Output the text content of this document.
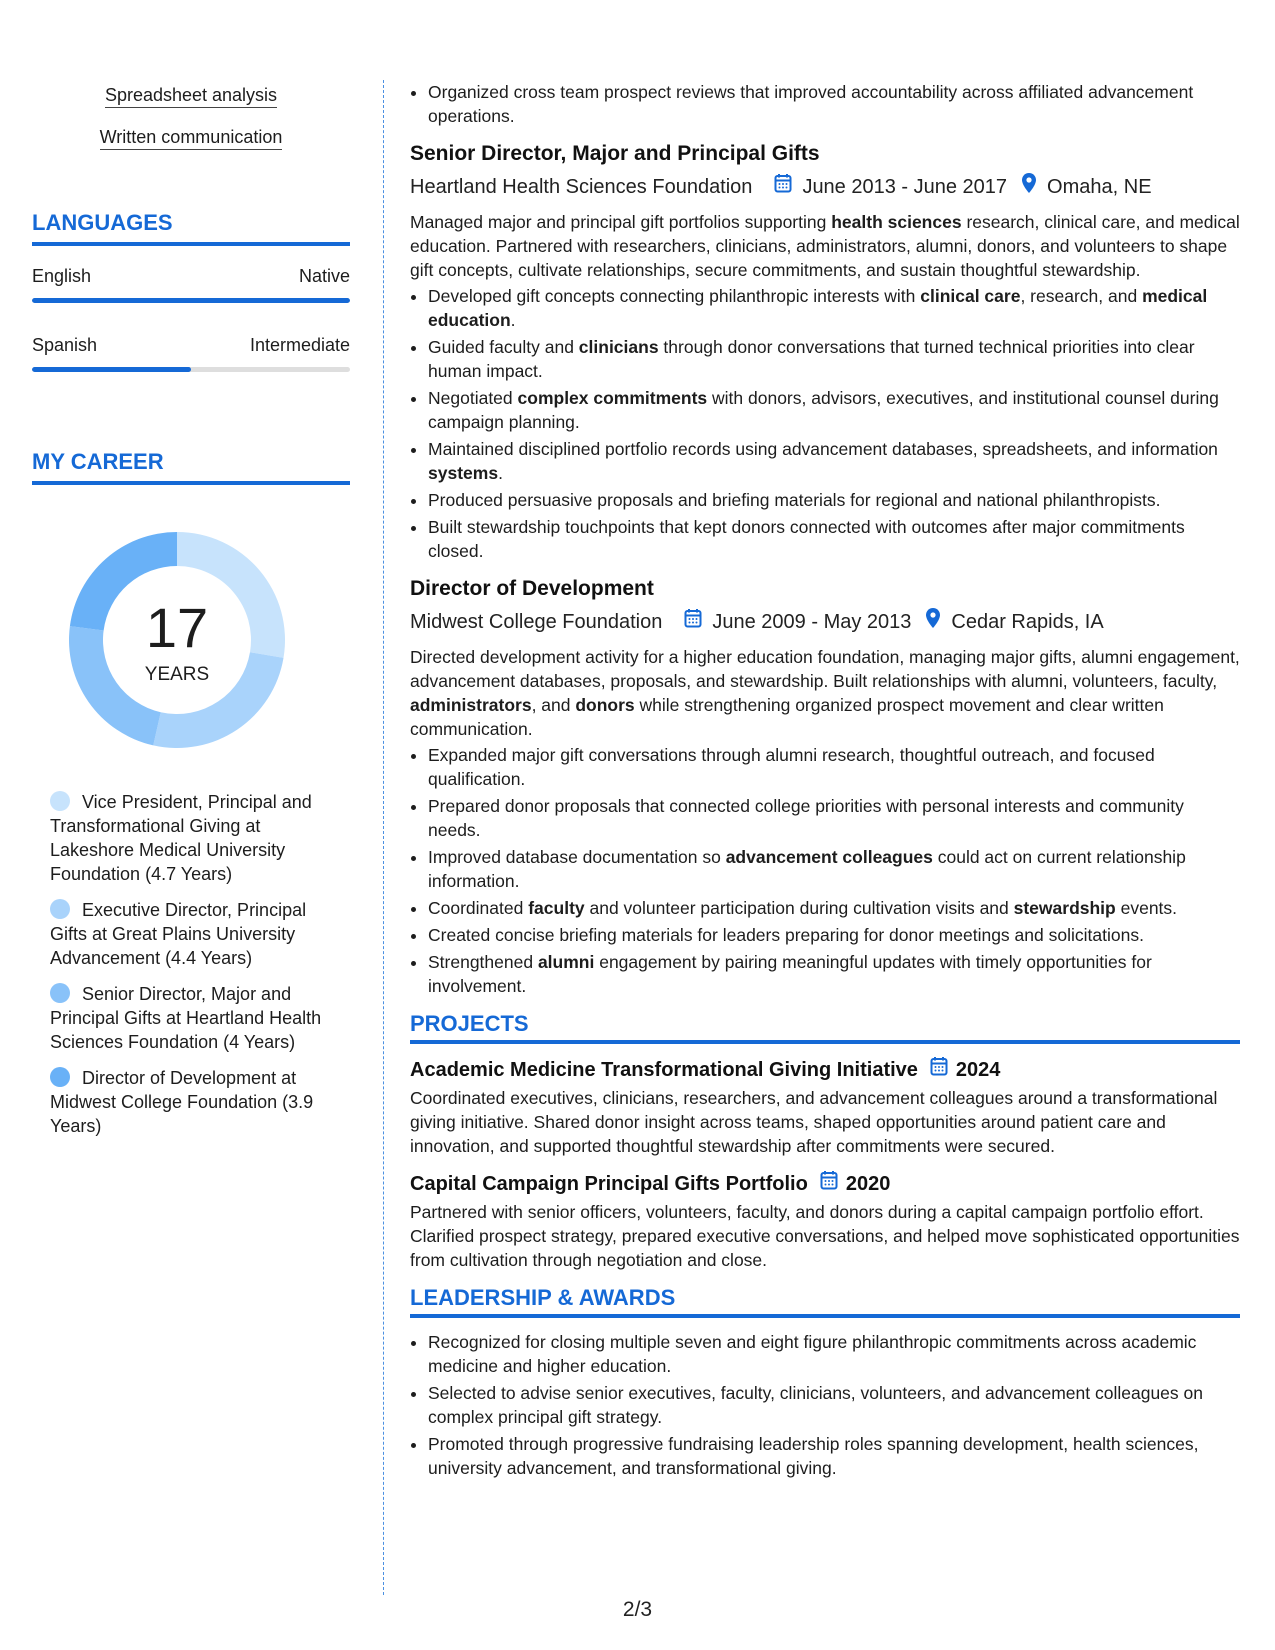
Spreadsheet analysis

Written communication

LANGUAGES
English	Native
Spanish	Intermediate
MY CAREER
17
YEARS
Vice President, Principal and Transformational Giving at Lakeshore Medical University Foundation (4.7 Years)
Executive Director, Principal Gifts at Great Plains University Advancement (4.4 Years)
Senior Director, Major and Principal Gifts at Heartland Health Sciences Foundation (4 Years)
Director of Development at Midwest College Foundation (3.9 Years)
• Organized cross team prospect reviews that improved accountability across affiliated advancement operations.
Senior Director, Major and Principal Gifts
Heartland Health Sciences Foundation	June 2013 - June 2017 Omaha, NE

Managed major and principal gift portfolios supporting health sciences research, clinical care, and medical education. Partnered with researchers, clinicians, administrators, alumni, donors, and volunteers to shape gift concepts, cultivate relationships, secure commitments, and sustain thoughtful stewardship.

• Developed gift concepts connecting philanthropic interests with clinical care, research, and medical education.
• Guided faculty and clinicians through donor conversations that turned technical priorities into clear human impact.
• Negotiated complex commitments with donors, advisors, executives, and institutional counsel during campaign planning.
• Maintained disciplined portfolio records using advancement databases, spreadsheets, and information systems.
• Produced persuasive proposals and briefing materials for regional and national philanthropists.
• Built stewardship touchpoints that kept donors connected with outcomes after major commitments closed.
Director of Development
Midwest College Foundation	June 2009 - May 2013 Cedar Rapids, IA

Directed development activity for a higher education foundation, managing major gifts, alumni engagement, advancement databases, proposals, and stewardship. Built relationships with alumni, volunteers, faculty, administrators, and donors while strengthening organized prospect movement and clear written communication.

• Expanded major gift conversations through alumni research, thoughtful outreach, and focused qualification.
• Prepared donor proposals that connected college priorities with personal interests and community needs.
• Improved database documentation so advancement colleagues could act on current relationship information.
• Coordinated faculty and volunteer participation during cultivation visits and stewardship events.
• Created concise briefing materials for leaders preparing for donor meetings and solicitations.
• Strengthened alumni engagement by pairing meaningful updates with timely opportunities for involvement.
PROJECTS
Academic Medicine Transformational Giving Initiative 2024
Coordinated executives, clinicians, researchers, and advancement colleagues around a transformational giving initiative. Shared donor insight across teams, shaped opportunities around patient care and innovation, and supported thoughtful stewardship after commitments were secured.
Capital Campaign Principal Gifts Portfolio 2020
Partnered with senior officers, volunteers, faculty, and donors during a capital campaign portfolio effort. Clarified prospect strategy, prepared executive conversations, and helped move sophisticated opportunities from cultivation through negotiation and close.
LEADERSHIP & AWARDS
• Recognized for closing multiple seven and eight figure philanthropic commitments across academic medicine and higher education.
• Selected to advise senior executives, faculty, clinicians, volunteers, and advancement colleagues on complex principal gift strategy.
• Promoted through progressive fundraising leadership roles spanning development, health sciences, university advancement, and transformational giving.
2/3
